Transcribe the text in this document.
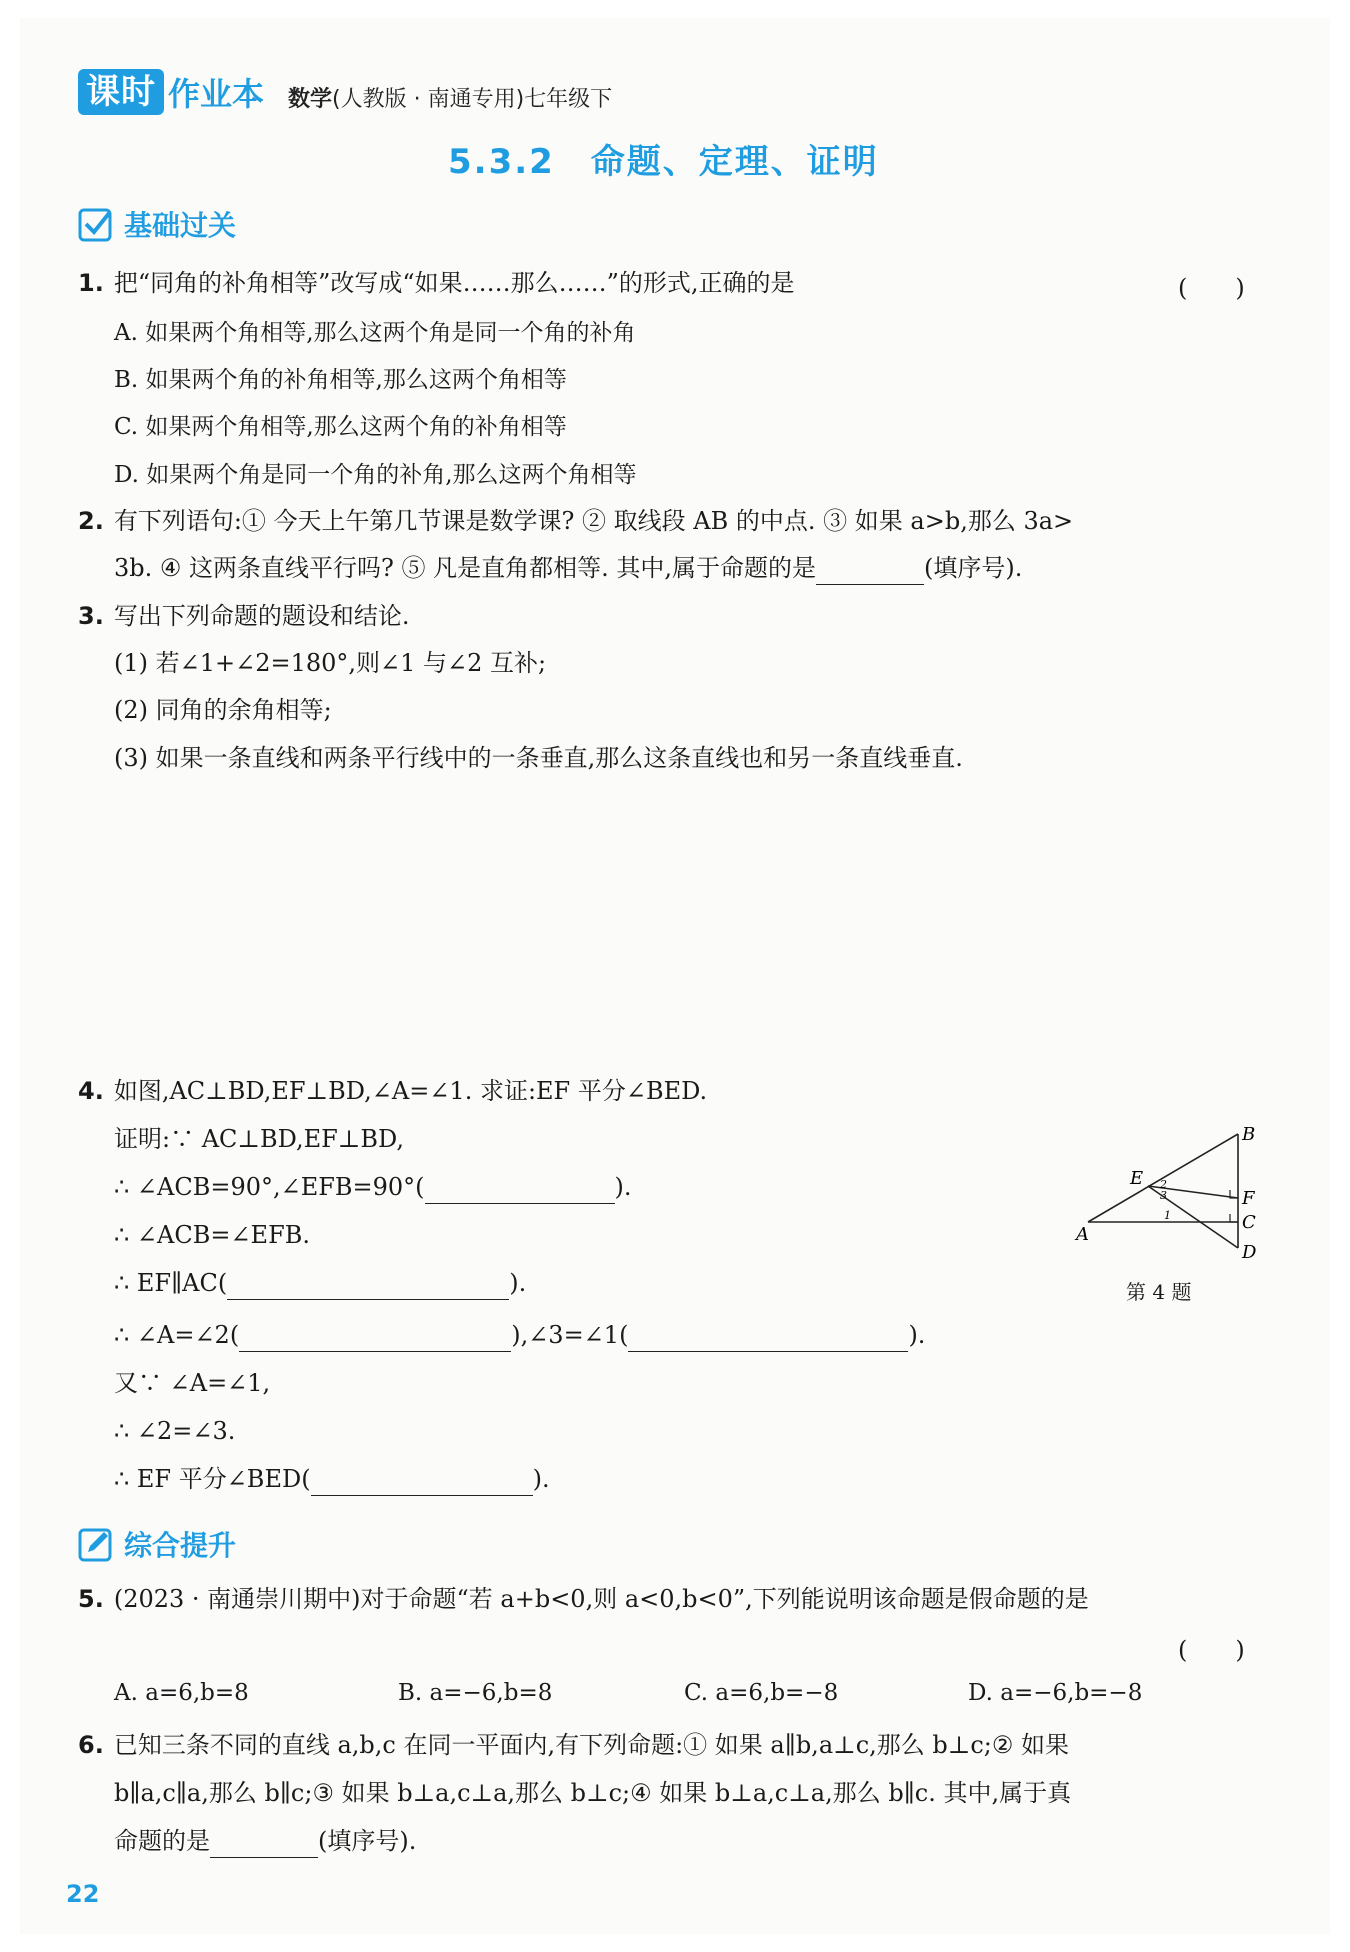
课时 作业本 数学(人教版 · 南通专用)七年级下
5.3.2　命题、定理、证明
基础过关
1. 把“同角的补角相等”改写成“如果……那么……”的形式,正确的是	(　　)
A. 如果两个角相等,那么这两个角是同一个角的补角
B. 如果两个角的补角相等,那么这两个角相等
C. 如果两个角相等,那么这两个角的补角相等
D. 如果两个角是同一个角的补角,那么这两个角相等
2. 有下列语句:① 今天上午第几节课是数学课? ② 取线段 AB 的中点. ③ 如果 a>b,那么 3a>
3b. ④ 这两条直线平行吗? ⑤ 凡是直角都相等. 其中,属于命题的是	(填序号).
3. 写出下列命题的题设和结论.
(1) 若∠1+∠2=180°,则∠1 与∠2 互补;
(2) 同角的余角相等;
(3) 如果一条直线和两条平行线中的一条垂直,那么这条直线也和另一条直线垂直.
4. 如图,AC⊥BD,EF⊥BD,∠A=∠1. 求证:EF 平分∠BED.
证明:∵ AC⊥BD,EF⊥BD,
∴ ∠ACB=90°,∠EFB=90°(	).
∴ ∠ACB=∠EFB.
∴ EF∥AC(	).
∴ ∠A=∠2(	),∠3=∠1(	).
又∵ ∠A=∠1,
∴ ∠2=∠3.
∴ EF 平分∠BED(	).
B
F
C
D
A
E 2
3
1
第 4 题
综合提升
5. (2023 · 南通崇川期中)对于命题“若 a+b<0,则 a<0,b<0”,下列能说明该命题是假命题的是
(　　)
A. a=6,b=8	B. a=−6,b=8	C. a=6,b=−8	D. a=−6,b=−8
6. 已知三条不同的直线 a,b,c 在同一平面内,有下列命题:① 如果 a∥b,a⊥c,那么 b⊥c;② 如果
b∥a,c∥a,那么 b∥c;③ 如果 b⊥a,c⊥a,那么 b⊥c;④ 如果 b⊥a,c⊥a,那么 b∥c. 其中,属于真
命题的是	(填序号).
22
